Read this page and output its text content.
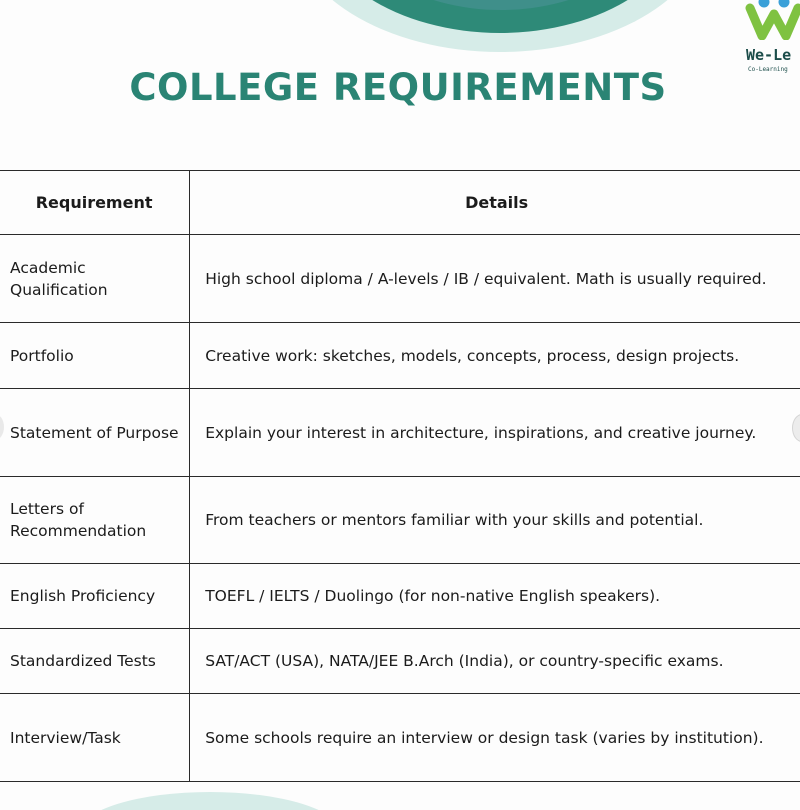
We-Le
Co-Learning
COLLEGE REQUIREMENTS
Requirement	Details
Academic Qualification	High school diploma / A-levels / IB / equivalent. Math is usually required.
Portfolio	Creative work: sketches, models, concepts, process, design projects.
Statement of Purpose	Explain your interest in architecture, inspirations, and creative journey.
Letters of Recommendation	From teachers or mentors familiar with your skills and potential.
English Proficiency	TOEFL / IELTS / Duolingo (for non-native English speakers).
Standardized Tests	SAT/ACT (USA), NATA/JEE B.Arch (India), or country-specific exams.
Interview/Task	Some schools require an interview or design task (varies by institution).
